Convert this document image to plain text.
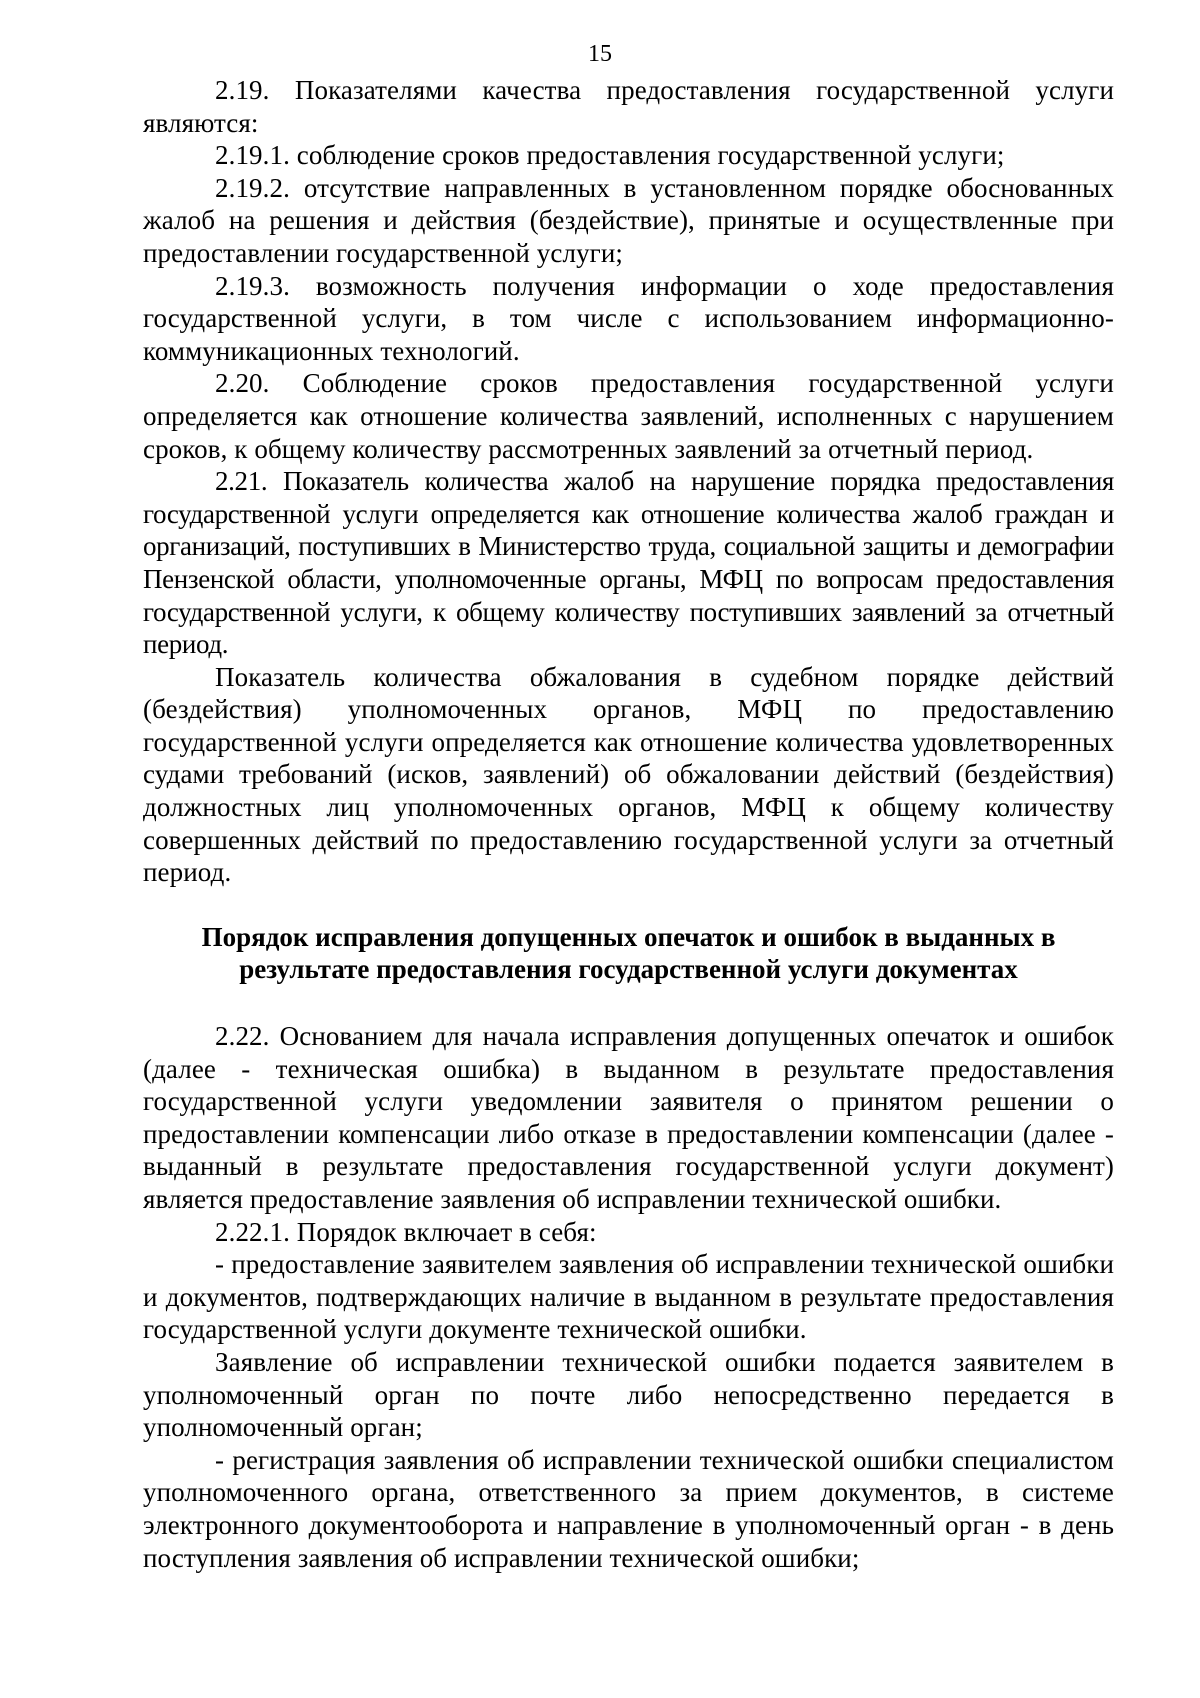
15

2.19. Показателями качества предоставления государственной услуги являются:

2.19.1. соблюдение сроков предоставления государственной услуги;

2.19.2. отсутствие направленных в установленном порядке обоснованных жалоб на решения и действия (бездействие), принятые и осуществленные при предоставлении государственной услуги;

2.19.3. возможность получения информации о ходе предоставления государственной услуги, в том числе с использованием информационно-коммуникационных технологий.

2.20. Соблюдение сроков предоставления государственной услуги определяется как отношение количества заявлений, исполненных с нарушением сроков, к общему количеству рассмотренных заявлений за отчетный период.

2.21. Показатель количества жалоб на нарушение порядка предоставления государственной услуги определяется как отношение количества жалоб граждан и организаций, поступивших в Министерство труда, социальной защиты и демографии Пензенской области, уполномоченные органы, МФЦ по вопросам предоставления государственной услуги, к общему количеству поступивших заявлений за отчетный период.

Показатель количества обжалования в судебном порядке действий (бездействия) уполномоченных органов, МФЦ по предоставлению государственной услуги определяется как отношение количества удовлетворенных судами требований (исков, заявлений) об обжаловании действий (бездействия) должностных лиц уполномоченных органов, МФЦ к общему количеству совершенных действий по предоставлению государственной услуги за отчетный период.

Порядок исправления допущенных опечаток и ошибок в выданных в
результате предоставления государственной услуги документах

2.22. Основанием для начала исправления допущенных опечаток и ошибок (далее - техническая ошибка) в выданном в результате предоставления государственной услуги уведомлении заявителя о принятом решении о предоставлении компенсации либо отказе в предоставлении компенсации (далее - выданный в результате предоставления государственной услуги документ) является предоставление заявления об исправлении технической ошибки.

2.22.1. Порядок включает в себя:

- предоставление заявителем заявления об исправлении технической ошибки и документов, подтверждающих наличие в выданном в результате предоставления государственной услуги документе технической ошибки.

Заявление об исправлении технической ошибки подается заявителем в уполномоченный орган по почте либо непосредственно передается в уполномоченный орган;

- регистрация заявления об исправлении технической ошибки специалистом уполномоченного органа, ответственного за прием документов, в системе электронного документооборота и направление в уполномоченный орган - в день поступления заявления об исправлении технической ошибки;
